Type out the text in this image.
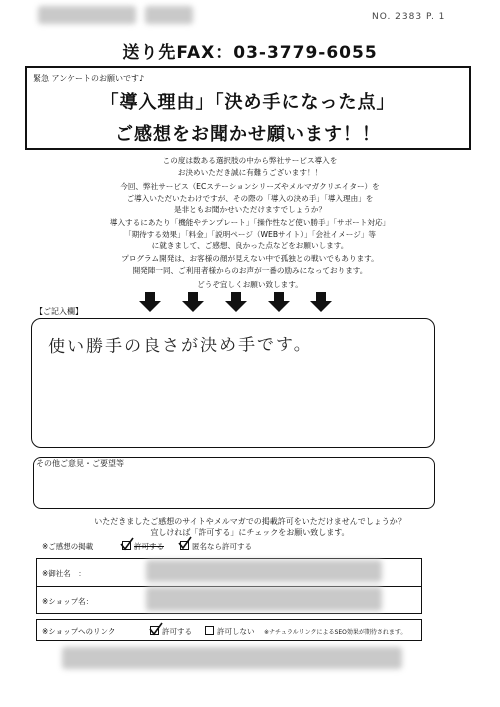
NO. 2383 P. 1
送り先FAX：03-3779-6055
緊急 アンケートのお願いです♪
「導入理由」「決め手になった点」
ご感想をお聞かせ願います！！
この度は数ある選択肢の中から弊社サービス導入を
お決めいただき誠に有難うございます！！
今回、弊社サービス（ECステーションシリーズやメルマガクリエイター）を
ご導入いただいたわけですが、その際の「導入の決め手」「導入理由」を
是非ともお聞かせいただけますでしょうか？
導入するにあたり「機能やテンプレート」「操作性など使い勝手」「サポート対応」
「期待する効果」「料金」「説明ページ（WEBサイト）」「会社イメージ」等
に就きまして、ご感想、良かった点などをお願いします。
プログラム開発は、お客様の顔が見えない中で孤独との戦いでもあります。
開発陣一同、ご利用者様からのお声が一番の励みになっております。
どうぞ宜しくお願い致します。
【ご記入欄】
使い勝手の良さが決め手です。
その他ご意見・ご要望等
いただきましたご感想のサイトやメルマガでの掲載許可をいただけませんでしょうか？
宜しければ「許可する」にチェックをお願い致します。
※ご感想の掲載	許可する	匿名なら許可する
※御社名　：
※ショップ名：
※ショップへのリンク	許可する	許可しない ※ナチュラルリンクによるSEO効果が期待されます。
